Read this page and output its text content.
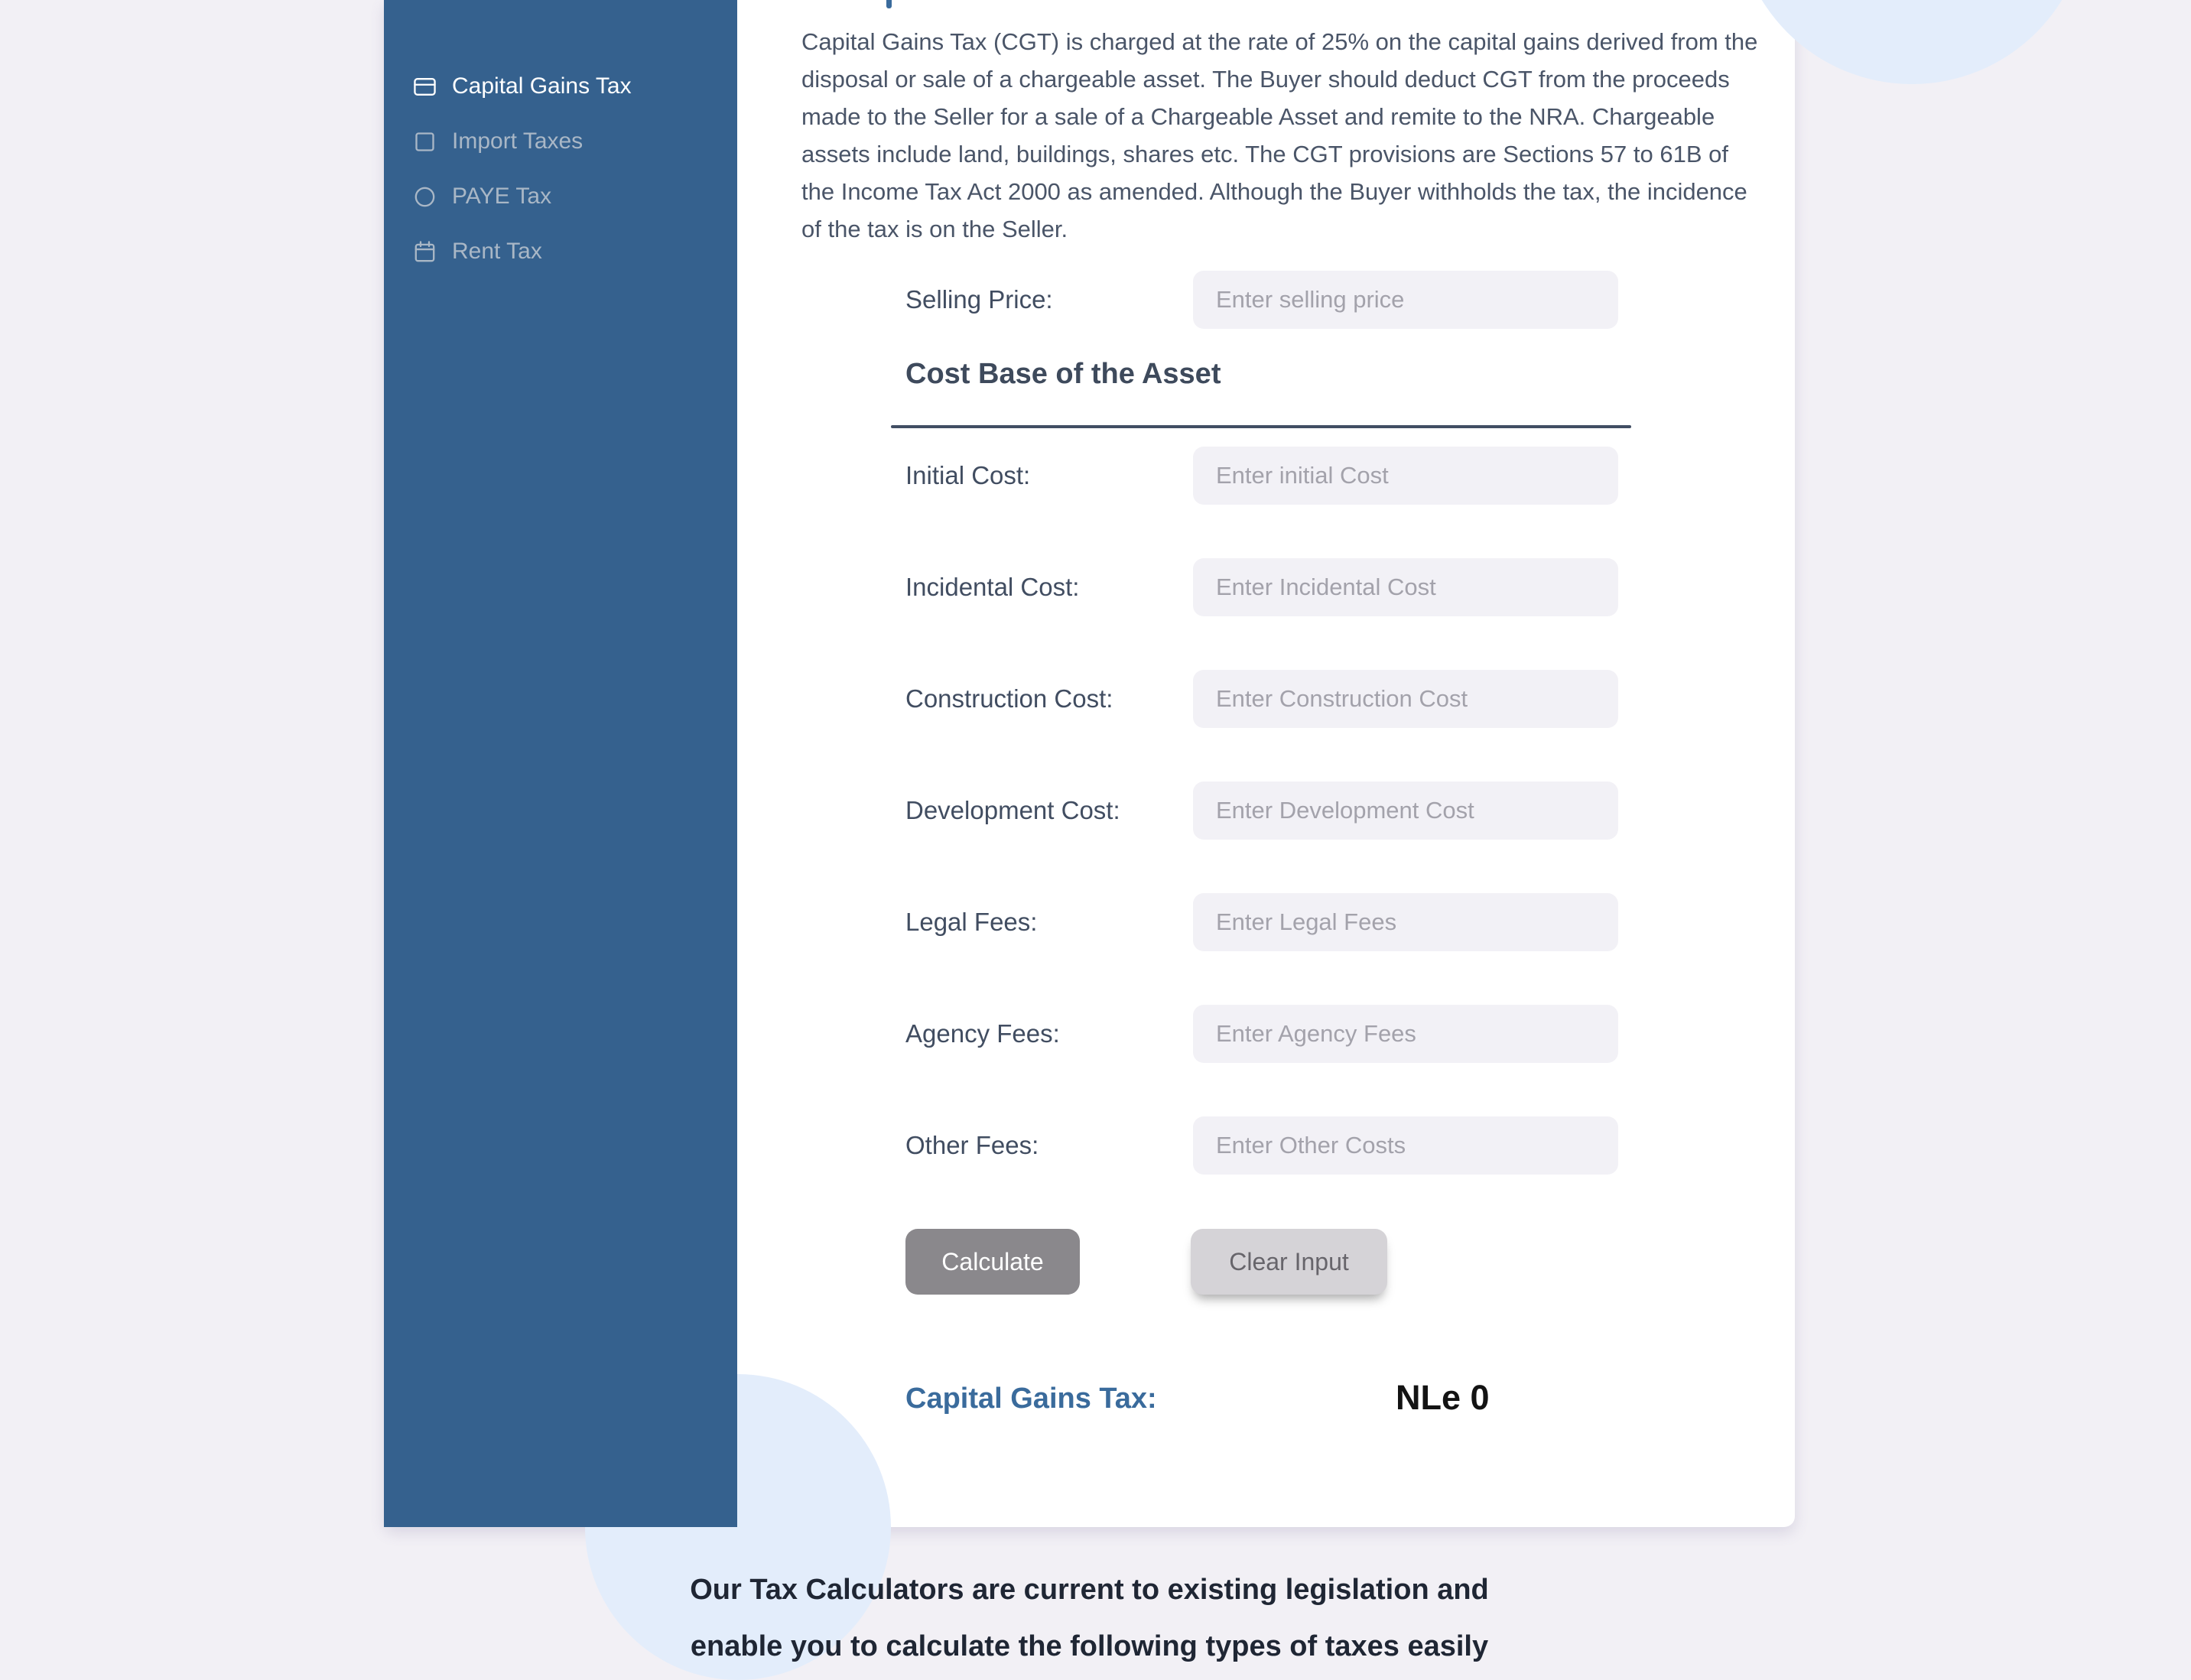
Capital Gains Tax
Import Taxes
PAYE Tax
Rent Tax

Capital Gains Tax (CGT) is charged at the rate of 25% on the capital gains derived from the disposal or sale of a chargeable asset. The Buyer should deduct CGT from the proceeds made to the Seller for a sale of a Chargeable Asset and remite to the NRA. Chargeable assets include land, buildings, shares etc. The CGT provisions are Sections 57 to 61B of the Income Tax Act 2000 as amended. Although the Buyer withholds the tax, the incidence of the tax is on the Seller.

Selling Price:
Enter selling price
Cost Base of the Asset
Initial Cost:
Enter initial Cost
Incidental Cost:
Enter Incidental Cost
Construction Cost:
Enter Construction Cost
Development Cost:
Enter Development Cost
Legal Fees:
Enter Legal Fees
Agency Fees:
Enter Agency Fees
Other Fees:
Enter Other Costs
Calculate	Clear Input
Capital Gains Tax:	NLe 0
Our Tax Calculators are current to existing legislation and
enable you to calculate the following types of taxes easily
